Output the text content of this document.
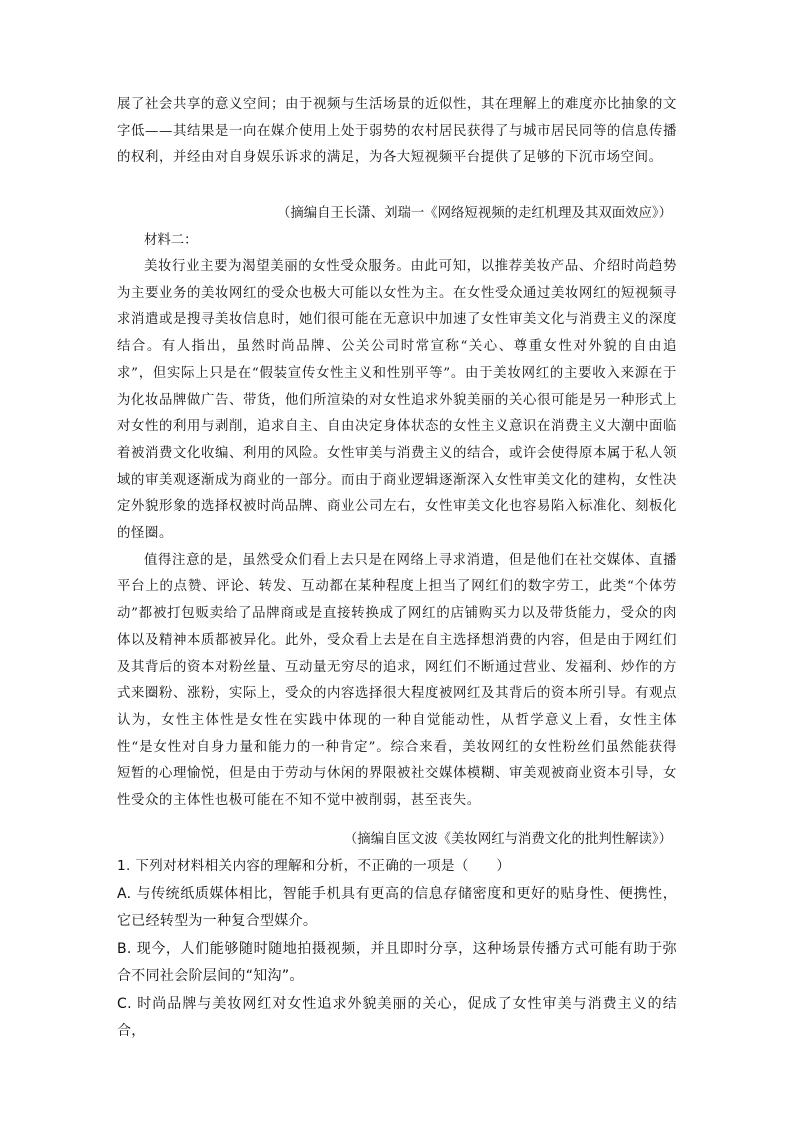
展了社会共享的意义空间；由于视频与生活场景的近似性，其在理解上的难度亦比抽象的文字低——其结果是一向在媒介使用上处于弱势的农村居民获得了与城市居民同等的信息传播的权利，并经由对自身娱乐诉求的满足，为各大短视频平台提供了足够的下沉市场空间。

（摘编自王长潇、刘瑞一《网络短视频的走红机理及其双面效应》）

材料二：

美妆行业主要为渴望美丽的女性受众服务。由此可知，以推荐美妆产品、介绍时尚趋势为主要业务的美妆网红的受众也极大可能以女性为主。在女性受众通过美妆网红的短视频寻求消遣或是搜寻美妆信息时，她们很可能在无意识中加速了女性审美文化与消费主义的深度结合。有人指出，虽然时尚品牌、公关公司时常宣称“关心、尊重女性对外貌的自由追求”，但实际上只是在“假装宣传女性主义和性别平等”。由于美妆网红的主要收入来源在于为化妆品牌做广告、带货，他们所渲染的对女性追求外貌美丽的关心很可能是另一种形式上对女性的利用与剥削，追求自主、自由决定身体状态的女性主义意识在消费主义大潮中面临着被消费文化收编、利用的风险。女性审美与消费主义的结合，或许会使得原本属于私人领域的审美观逐渐成为商业的一部分。而由于商业逻辑逐渐深入女性审美文化的建构，女性决定外貌形象的选择权被时尚品牌、商业公司左右，女性审美文化也容易陷入标准化、刻板化的怪圈。

值得注意的是，虽然受众们看上去只是在网络上寻求消遣，但是他们在社交媒体、直播平台上的点赞、评论、转发、互动都在某种程度上担当了网红们的数字劳工，此类“个体劳动”都被打包贩卖给了品牌商或是直接转换成了网红的店铺购买力以及带货能力，受众的肉体以及精神本质都被异化。此外，受众看上去是在自主选择想消费的内容，但是由于网红们及其背后的资本对粉丝量、互动量无穷尽的追求，网红们不断通过营业、发福利、炒作的方式来圈粉、涨粉，实际上，受众的内容选择很大程度被网红及其背后的资本所引导。有观点认为，女性主体性是女性在实践中体现的一种自觉能动性，从哲学意义上看，女性主体性“是女性对自身力量和能力的一种肯定”。综合来看，美妆网红的女性粉丝们虽然能获得短暂的心理愉悦，但是由于劳动与休闲的界限被社交媒体模糊、审美观被商业资本引导，女性受众的主体性也极可能在不知不觉中被削弱，甚至丧失。

（摘编自匡文波《美妆网红与消费文化的批判性解读》）

1. 下列对材料相关内容的理解和分析，不正确的一项是（　　）

A. 与传统纸质媒体相比，智能手机具有更高的信息存储密度和更好的贴身性、便携性，它已经转型为一种复合型媒介。

B. 现今，人们能够随时随地拍摄视频，并且即时分享，这种场景传播方式可能有助于弥合不同社会阶层间的“知沟”。

C. 时尚品牌与美妆网红对女性追求外貌美丽的关心，促成了女性审美与消费主义的结合，
